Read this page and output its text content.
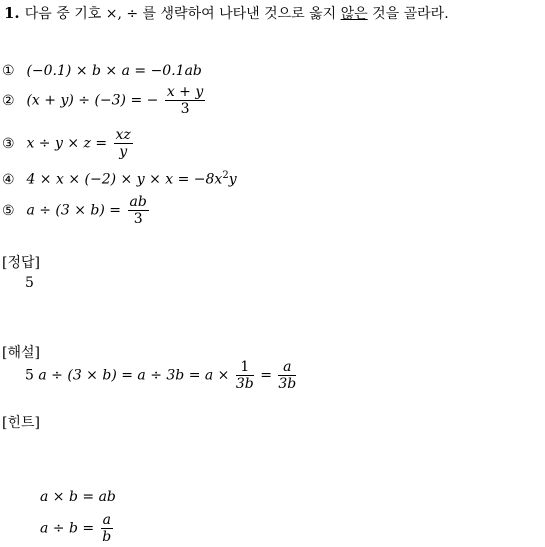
1. 다음 중 기호 ×, ÷ 를 생략하여 나타낸 것으로 옳지 않은 것을 골라라.
① (−0.1) × b × a = −0.1ab
② (x + y) ÷ (−3) = − $\frac{x + y}{3}$
③ $x \div y \times z = \frac{xz}{y}$
④ $4 \times x \times (-2) \times y \times x = -8x^2y$
⑤ $a \div (3 \times b) = \frac{ab}{3}$
[정답]
5
[해설]
5 $a \div (3 \times b) = a \div 3b = a \times \frac{1}{3b} = \frac{a}{3b}$
[힌트]
a × b = ab
$a \div b = \frac{a}{b}$
